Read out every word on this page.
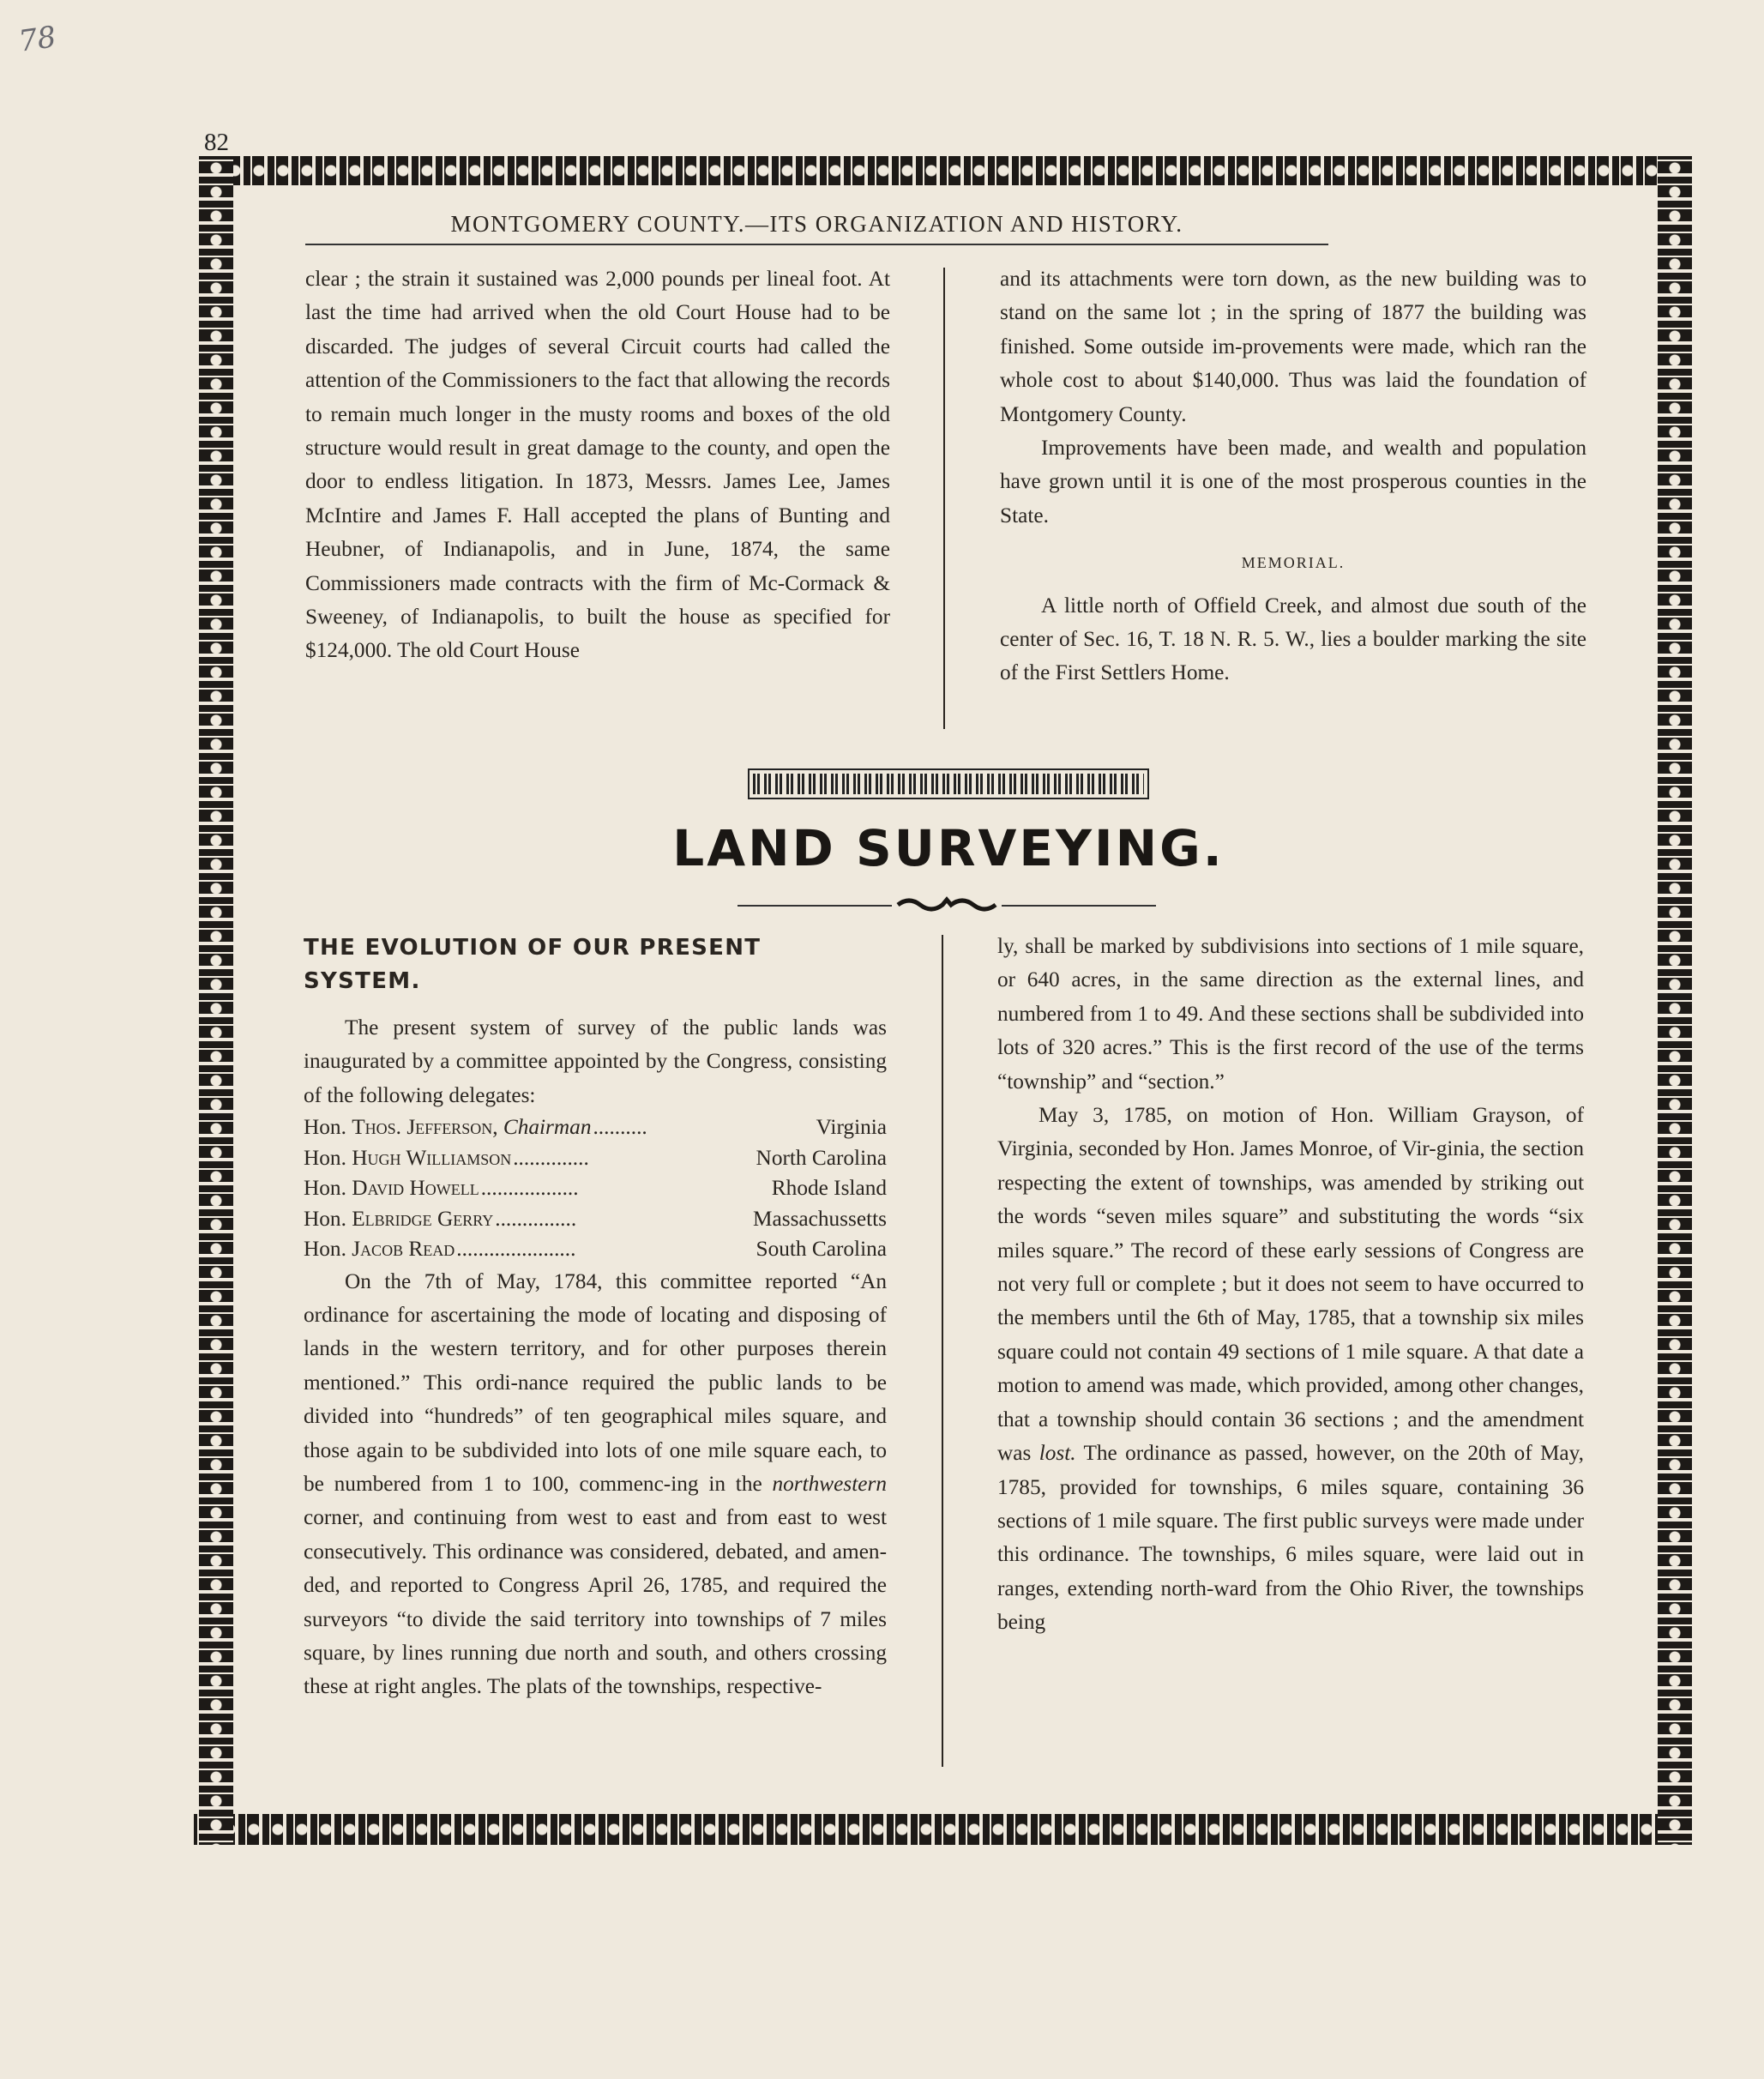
78
82
MONTGOMERY COUNTY.—ITS ORGANIZATION AND HISTORY.

clear ; the strain it sustained was 2,000 pounds per lineal foot. At last the time had arrived when the old Court House had to be discarded. The judges of several Circuit courts had called the attention of the Commissioners to the fact that allowing the records to remain much longer in the musty rooms and boxes of the old structure would result in great damage to the county, and open the door to endless litigation. In 1873, Messrs. James Lee, James McIntire and James F. Hall accepted the plans of Bunting and Heubner, of Indianapolis, and in June, 1874, the same Commissioners made contracts with the firm of Mc-Cormack & Sweeney, of Indianapolis, to built the house as specified for $124,000. The old Court House

and its attachments were torn down, as the new building was to stand on the same lot ; in the spring of 1877 the building was finished. Some outside im-provements were made, which ran the whole cost to about $140,000. Thus was laid the foundation of Montgomery County.

Improvements have been made, and wealth and population have grown until it is one of the most prosperous counties in the State.

MEMORIAL.

A little north of Offield Creek, and almost due south of the center of Sec. 16, T. 18 N. R. 5. W., lies a boulder marking the site of the First Settlers Home.

LAND SURVEYING.
THE EVOLUTION OF OUR PRESENT SYSTEM.

The present system of survey of the public lands was inaugurated by a committee appointed by the Congress, consisting of the following delegates:

Hon. Thos. Jefferson, Chairman ..........	Virginia
Hon. Hugh Williamson ..............	North Carolina
Hon. David Howell ..................	Rhode Island
Hon. Elbridge Gerry ...............	Massachussetts
Hon. Jacob Read ......................	South Carolina

On the 7th of May, 1784, this committee reported “An ordinance for ascertaining the mode of locating and disposing of lands in the western territory, and for other purposes therein mentioned.” This ordi-nance required the public lands to be divided into “hundreds” of ten geographical miles square, and those again to be subdivided into lots of one mile square each, to be numbered from 1 to 100, commenc-ing in the northwestern corner, and continuing from west to east and from east to west consecutively. This ordinance was considered, debated, and amen-ded, and reported to Congress April 26, 1785, and required the surveyors “to divide the said territory into townships of 7 miles square, by lines running due north and south, and others crossing these at right angles. The plats of the townships, respective-

ly, shall be marked by subdivisions into sections of 1 mile square, or 640 acres, in the same direction as the external lines, and numbered from 1 to 49. And these sections shall be subdivided into lots of 320 acres.” This is the first record of the use of the terms “township” and “section.”

May 3, 1785, on motion of Hon. William Grayson, of Virginia, seconded by Hon. James Monroe, of Vir-ginia, the section respecting the extent of townships, was amended by striking out the words “seven miles square” and substituting the words “six miles square.” The record of these early sessions of Congress are not very full or complete ; but it does not seem to have occurred to the members until the 6th of May, 1785, that a township six miles square could not contain 49 sections of 1 mile square. A that date a motion to amend was made, which provided, among other changes, that a township should contain 36 sections ; and the amendment was lost. The ordinance as passed, however, on the 20th of May, 1785, provided for townships, 6 miles square, containing 36 sections of 1 mile square. The first public surveys were made under this ordinance. The townships, 6 miles square, were laid out in ranges, extending north-ward from the Ohio River, the townships being
